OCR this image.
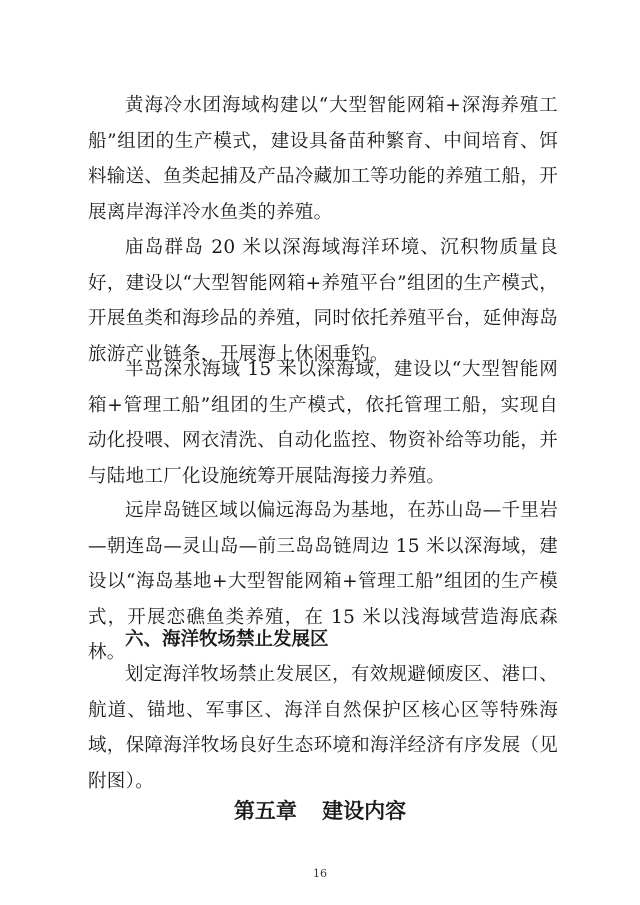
黄海冷水团海域构建以“大型智能网箱+深海养殖工船”组团的生产模式，建设具备苗种繁育、中间培育、饵料输送、鱼类起捕及产品冷藏加工等功能的养殖工船，开展离岸海洋冷水鱼类的养殖。

庙岛群岛 20 米以深海域海洋环境、沉积物质量良好，建设以“大型智能网箱+养殖平台”组团的生产模式，开展鱼类和海珍品的养殖，同时依托养殖平台，延伸海岛旅游产业链条，开展海上休闲垂钓。

半岛深水海域 15 米以深海域，建设以“大型智能网箱+管理工船”组团的生产模式，依托管理工船，实现自动化投喂、网衣清洗、自动化监控、物资补给等功能，并与陆地工厂化设施统筹开展陆海接力养殖。

远岸岛链区域以偏远海岛为基地，在苏山岛—千里岩—朝连岛—灵山岛—前三岛岛链周边 15 米以深海域，建设以“海岛基地+大型智能网箱+管理工船”组团的生产模式，开展恋礁鱼类养殖，在 15 米以浅海域营造海底森林。

六、海洋牧场禁止发展区

划定海洋牧场禁止发展区，有效规避倾废区、港口、航道、锚地、军事区、海洋自然保护区核心区等特殊海域，保障海洋牧场良好生态环境和海洋经济有序发展（见附图）。

第五章 建设内容
16
